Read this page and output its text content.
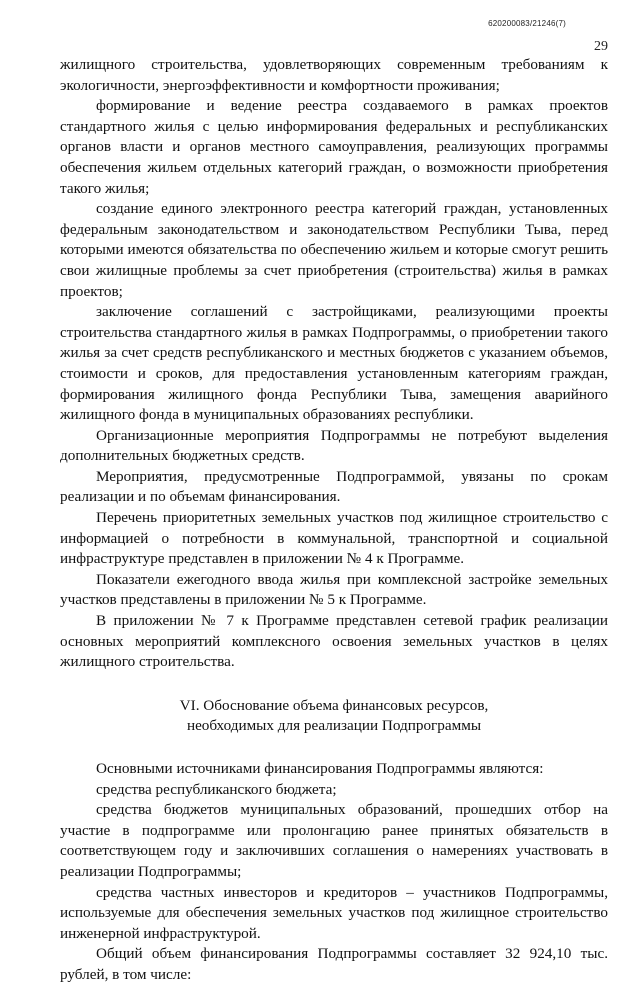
620200083/21246(7)
29

жилищного строительства, удовлетворяющих современным требованиям к экологичности, энергоэффективности и комфортности проживания;

формирование и ведение реестра создаваемого в рамках проектов стандартного жилья с целью информирования федеральных и республиканских органов власти и органов местного самоуправления, реализующих программы обеспечения жильем отдельных категорий граждан, о возможности приобретения такого жилья;

создание единого электронного реестра категорий граждан, установленных федеральным законодательством и законодательством Республики Тыва, перед которыми имеются обязательства по обеспечению жильем и которые смогут решить свои жилищные проблемы за счет приобретения (строительства) жилья в рамках проектов;

заключение соглашений с застройщиками, реализующими проекты строительства стандартного жилья в рамках Подпрограммы, о приобретении такого жилья за счет средств республиканского и местных бюджетов с указанием объемов, стоимости и сроков, для предоставления установленным категориям граждан, формирования жилищного фонда Республики Тыва, замещения аварийного жилищного фонда в муниципальных образованиях республики.

Организационные мероприятия Подпрограммы не потребуют выделения дополнительных бюджетных средств.

Мероприятия, предусмотренные Подпрограммой, увязаны по срокам реализации и по объемам финансирования.

Перечень приоритетных земельных участков под жилищное строительство с информацией о потребности в коммунальной, транспортной и социальной инфраструктуре представлен в приложении № 4 к Программе.

Показатели ежегодного ввода жилья при комплексной застройке земельных участков представлены в приложении № 5 к Программе.

В приложении № 7 к Программе представлен сетевой график реализации основных мероприятий комплексного освоения земельных участков в целях жилищного строительства.

VI. Обоснование объема финансовых ресурсов,
необходимых для реализации Подпрограммы

Основными источниками финансирования Подпрограммы являются:

средства республиканского бюджета;

средства бюджетов муниципальных образований, прошедших отбор на участие в подпрограмме или пролонгацию ранее принятых обязательств в соответствующем году и заключивших соглашения о намерениях участвовать в реализации Подпрограммы;

средства частных инвесторов и кредиторов – участников Подпрограммы, используемые для обеспечения земельных участков под жилищное строительство инженерной инфраструктурой.

Общий объем финансирования Подпрограммы составляет 32 924,10 тыс. рублей, в том числе:
